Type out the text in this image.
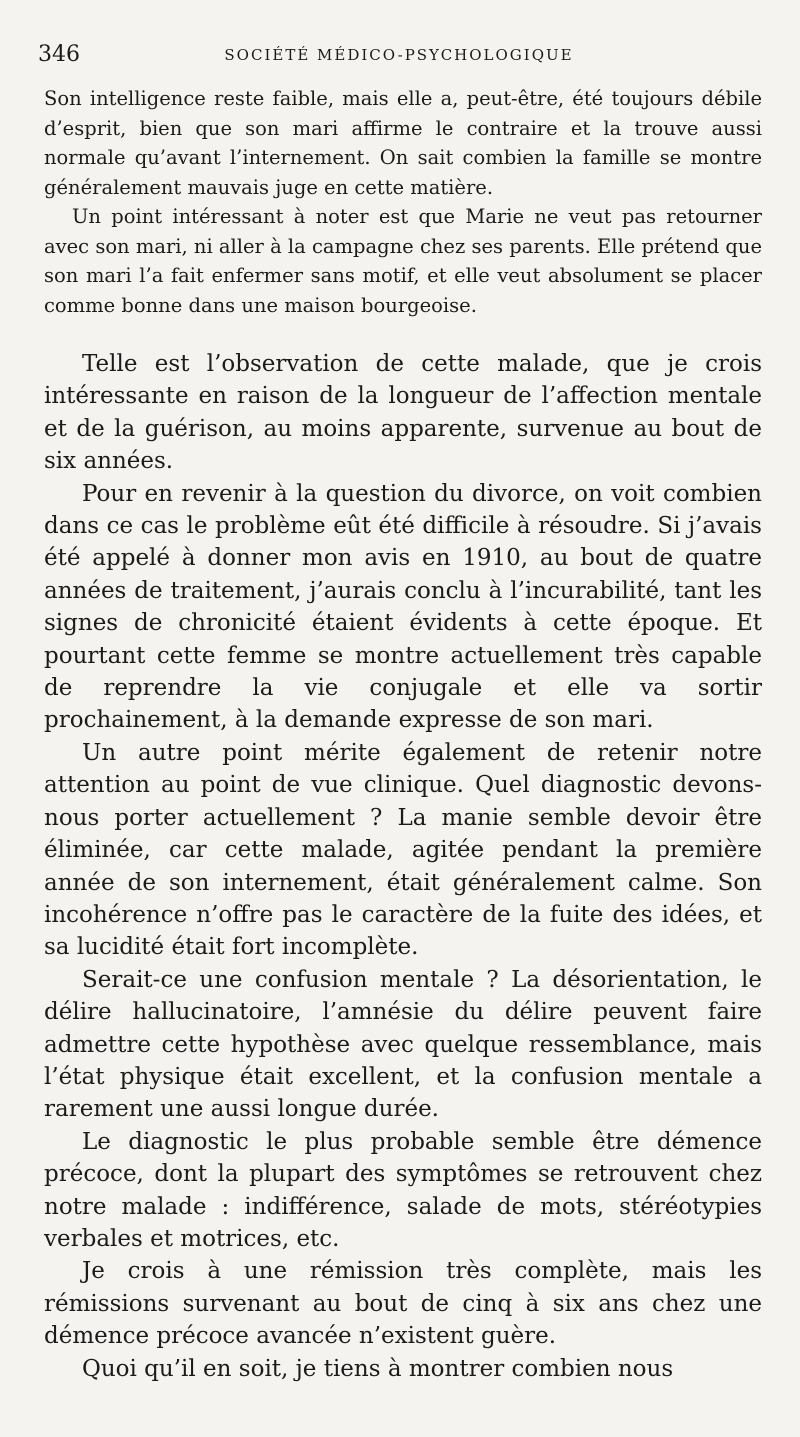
346	SOCIÉTÉ MÉDICO-PSYCHOLOGIQUE

Son intelligence reste faible, mais elle a, peut-être, été toujours débile d’esprit, bien que son mari affirme le contraire et la trouve aussi normale qu’avant l’internement. On sait combien la famille se montre généralement mauvais juge en cette matière.

Un point intéressant à noter est que Marie ne veut pas retourner avec son mari, ni aller à la campagne chez ses parents. Elle prétend que son mari l’a fait enfermer sans motif, et elle veut absolument se placer comme bonne dans une maison bourgeoise.

Telle est l’observation de cette malade, que je crois intéressante en raison de la longueur de l’affection mentale et de la guérison, au moins apparente, survenue au bout de six années.

Pour en revenir à la question du divorce, on voit combien dans ce cas le problème eût été difficile à résoudre. Si j’avais été appelé à donner mon avis en 1910, au bout de quatre années de traitement, j’aurais conclu à l’incurabilité, tant les signes de chronicité étaient évidents à cette époque. Et pourtant cette femme se montre actuellement très capable de reprendre la vie conjugale et elle va sortir prochainement, à la demande expresse de son mari.

Un autre point mérite également de retenir notre attention au point de vue clinique. Quel diagnostic devons-nous porter actuellement ? La manie semble devoir être éliminée, car cette malade, agitée pendant la première année de son internement, était généralement calme. Son incohérence n’offre pas le caractère de la fuite des idées, et sa lucidité était fort incomplète.

Serait-ce une confusion mentale ? La désorientation, le délire hallucinatoire, l’amnésie du délire peuvent faire admettre cette hypothèse avec quelque ressemblance, mais l’état physique était excellent, et la confusion mentale a rarement une aussi longue durée.

Le diagnostic le plus probable semble être démence précoce, dont la plupart des symptômes se retrouvent chez notre malade : indifférence, salade de mots, stéréotypies verbales et motrices, etc.

Je crois à une rémission très complète, mais les rémissions survenant au bout de cinq à six ans chez une démence précoce avancée n’existent guère.

Quoi qu’il en soit, je tiens à montrer combien nous
